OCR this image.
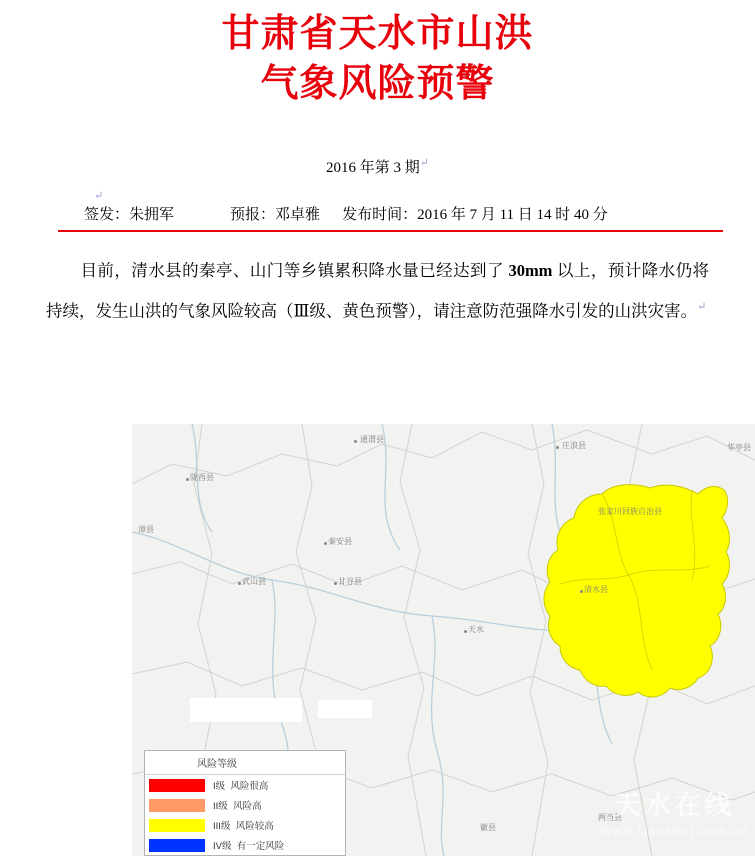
甘肃省天水市山洪
气象风险预警
2016 年第 3 期↵
↵
签发： 朱拥军	预报： 邓卓雅 发布时间： 2016 年 7 月 11 日 14 时 40 分
目前，清水县的秦亭、山门等乡镇累积降水量已经达到了 30mm 以上，预计降水仍将持续，发生山洪的气象风险较高（Ⅲ级、黄色预警），请注意防范强降水引发的山洪灾害。↵
通渭县
庄浪县	华亭县
陇西县
张家川回族自治县
漳县
秦安县
清水县
武山县	甘谷县
天水
两当县
徽县
风险等级
I级
风险很高
II级
风险高
III级
风险较高
IV级
有一定风险
天水在线
www.tianshui.com.cn
